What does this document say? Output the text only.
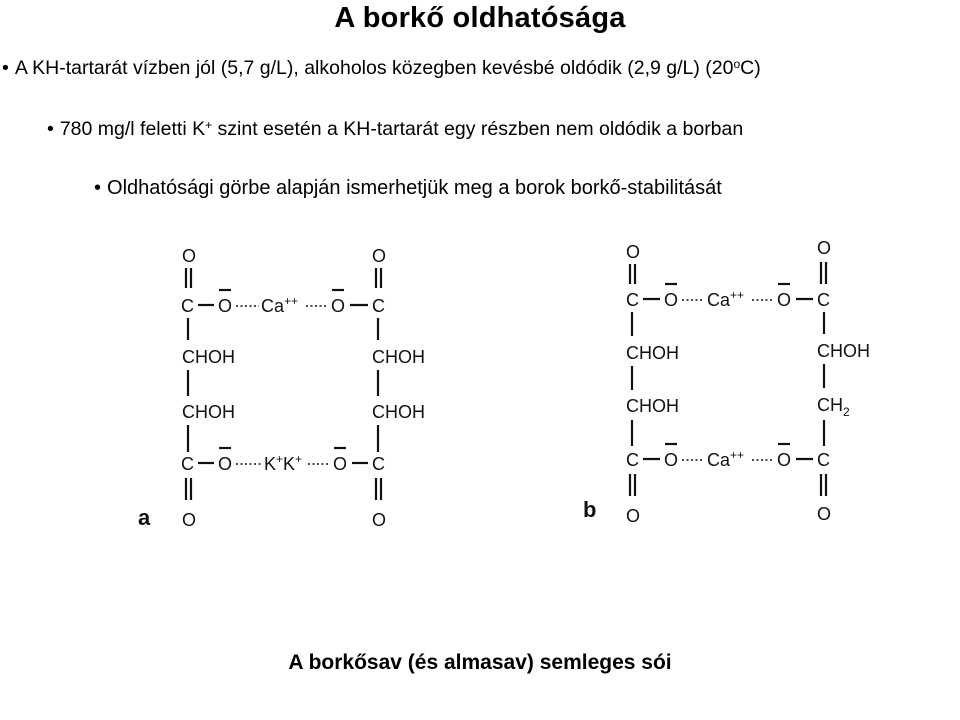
A borkő oldhatósága
• A KH-tartarát vízben jól (5,7 g/L), alkoholos közegben kevésbé oldódik (2,9 g/L) (20$^o$C)
• 780 mg/l feletti K+ szint esetén a KH-tartarát egy részben nem oldódik a borban
• Oldhatósági görbe alapján ismerhetjük meg a borok borkő-stabilitását
O	O
C O Ca++ O C
CHOH	CHOH
CHOH	CHOH
C O K+K+ O C
O	O
a
O	O
C O Ca++ O C
CHOH	CHOH
CHOH	$CH_2$
C O Ca++ O C
O	O
b
A borkősav (és almasav) semleges sói
